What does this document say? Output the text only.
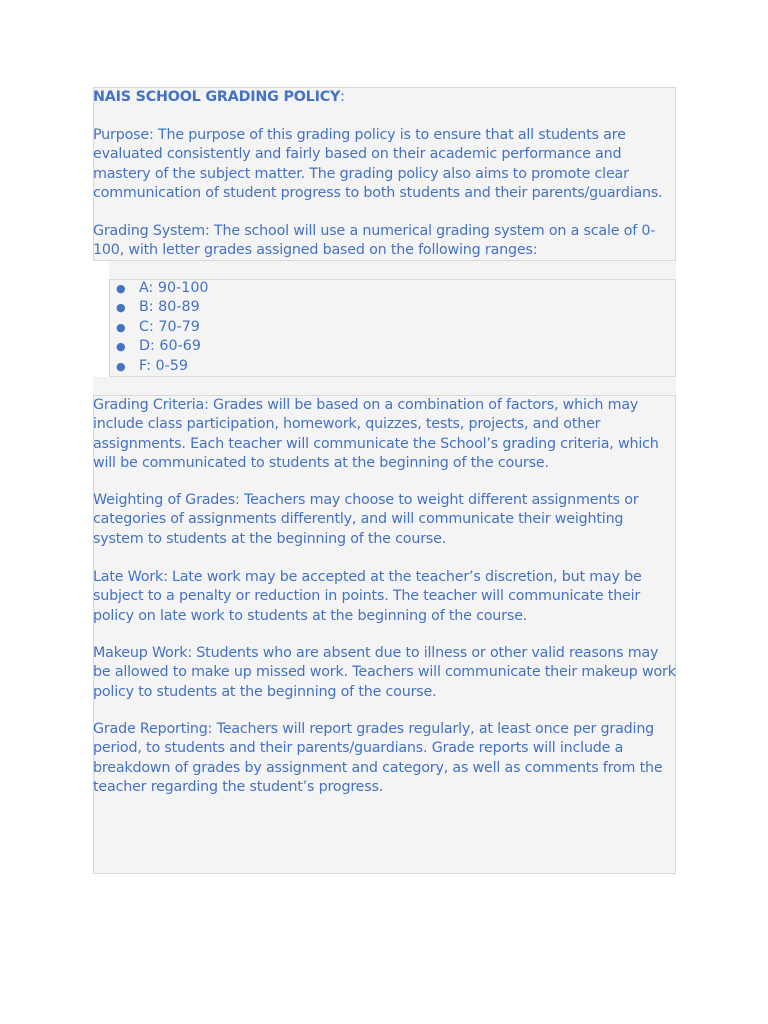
NAIS SCHOOL GRADING POLICY:

Purpose: The purpose of this grading policy is to ensure that all students are evaluated consistently and fairly based on their academic performance and mastery of the subject matter. The grading policy also aims to promote clear communication of student progress to both students and their parents/guardians.

Grading System: The school will use a numerical grading system on a scale of 0-100, with letter grades assigned based on the following ranges:

● A: 90-100
● B: 80-89
● C: 70-79
● D: 60-69
● F: 0-59

Grading Criteria: Grades will be based on a combination of factors, which may include class participation, homework, quizzes, tests, projects, and other assignments. Each teacher will communicate the School’s grading criteria, which will be communicated to students at the beginning of the course.

Weighting of Grades: Teachers may choose to weight different assignments or categories of assignments differently, and will communicate their weighting system to students at the beginning of the course.

Late Work: Late work may be accepted at the teacher’s discretion, but may be subject to a penalty or reduction in points. The teacher will communicate their policy on late work to students at the beginning of the course.

Makeup Work: Students who are absent due to illness or other valid reasons may be allowed to make up missed work. Teachers will communicate their makeup work policy to students at the beginning of the course.

Grade Reporting: Teachers will report grades regularly, at least once per grading period, to students and their parents/guardians. Grade reports will include a breakdown of grades by assignment and category, as well as comments from the teacher regarding the student’s progress.
